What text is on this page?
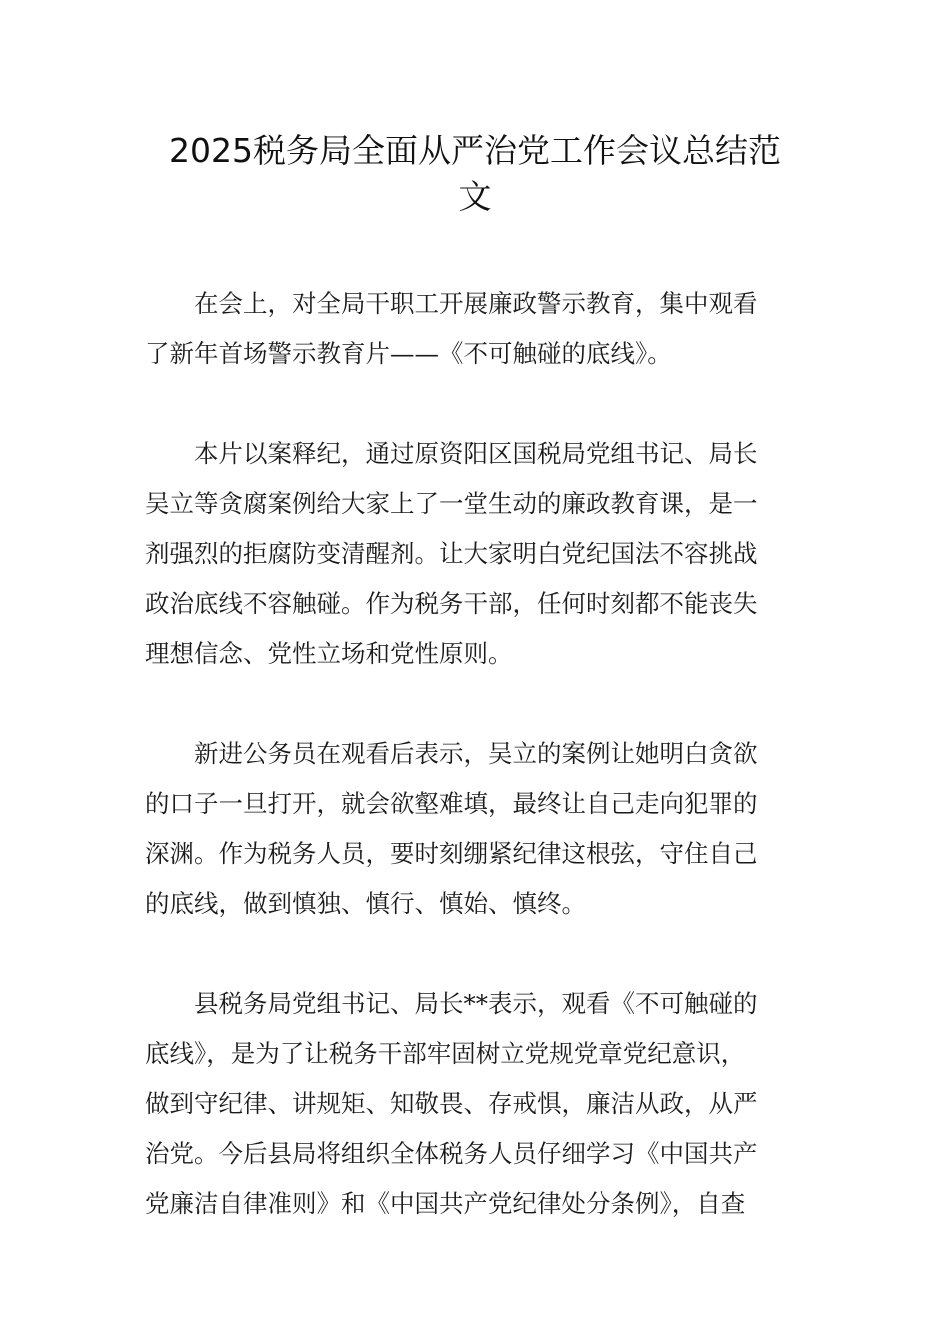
2025税务局全面从严治党工作会议总结范
文

在会上，对全局干职工开展廉政警示教育，集中观看
了新年首场警示教育片——《不可触碰的底线》。

本片以案释纪，通过原资阳区国税局党组书记、局长
吴立等贪腐案例给大家上了一堂生动的廉政教育课，是一
剂强烈的拒腐防变清醒剂。让大家明白党纪国法不容挑战
政治底线不容触碰。作为税务干部，任何时刻都不能丧失
理想信念、党性立场和党性原则。

新进公务员在观看后表示，吴立的案例让她明白贪欲
的口子一旦打开，就会欲壑难填，最终让自己走向犯罪的
深渊。作为税务人员，要时刻绷紧纪律这根弦，守住自己
的底线，做到慎独、慎行、慎始、慎终。

县税务局党组书记、局长**表示，观看《不可触碰的
底线》，是为了让税务干部牢固树立党规党章党纪意识，
做到守纪律、讲规矩、知敬畏、存戒惧，廉洁从政，从严
治党。今后县局将组织全体税务人员仔细学习《中国共产
党廉洁自律准则》和《中国共产党纪律处分条例》，自查
